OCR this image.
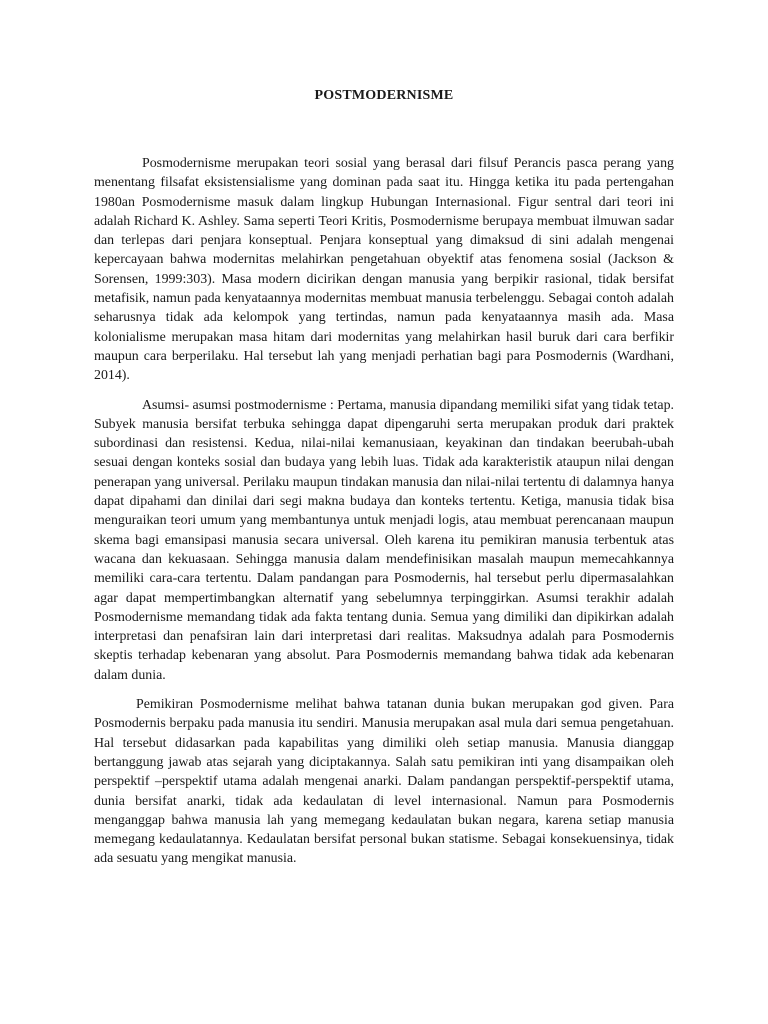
POSTMODERNISME

Posmodernisme merupakan teori sosial yang berasal dari filsuf Perancis pasca perang yang menentang filsafat eksistensialisme yang dominan pada saat itu. Hingga ketika itu pada pertengahan 1980an Posmodernisme masuk dalam lingkup Hubungan Internasional. Figur sentral dari teori ini adalah Richard K. Ashley. Sama seperti Teori Kritis, Posmodernisme berupaya membuat ilmuwan sadar dan terlepas dari penjara konseptual. Penjara konseptual yang dimaksud di sini adalah mengenai kepercayaan bahwa modernitas melahirkan pengetahuan obyektif atas fenomena sosial (Jackson & Sorensen, 1999:303). Masa modern dicirikan dengan manusia yang berpikir rasional, tidak bersifat metafisik, namun pada kenyataannya modernitas membuat manusia terbelenggu. Sebagai contoh adalah seharusnya tidak ada kelompok yang tertindas, namun pada kenyataannya masih ada. Masa kolonialisme merupakan masa hitam dari modernitas yang melahirkan hasil buruk dari cara berfikir maupun cara berperilaku. Hal tersebut lah yang menjadi perhatian bagi para Posmodernis (Wardhani, 2014).

Asumsi- asumsi postmodernisme : Pertama, manusia dipandang memiliki sifat yang tidak tetap. Subyek manusia bersifat terbuka sehingga dapat dipengaruhi serta merupakan produk dari praktek subordinasi dan resistensi. Kedua, nilai-nilai kemanusiaan, keyakinan dan tindakan beerubah-ubah sesuai dengan konteks sosial dan budaya yang lebih luas. Tidak ada karakteristik ataupun nilai dengan penerapan yang universal. Perilaku maupun tindakan manusia dan nilai-nilai tertentu di dalamnya hanya dapat dipahami dan dinilai dari segi makna budaya dan konteks tertentu. Ketiga, manusia tidak bisa menguraikan teori umum yang membantunya untuk menjadi logis, atau membuat perencanaan maupun skema bagi emansipasi manusia secara universal. Oleh karena itu pemikiran manusia terbentuk atas wacana dan kekuasaan. Sehingga manusia dalam mendefinisikan masalah maupun memecahkannya memiliki cara-cara tertentu. Dalam pandangan para Posmodernis, hal tersebut perlu dipermasalahkan agar dapat mempertimbangkan alternatif yang sebelumnya terpinggirkan. Asumsi terakhir adalah Posmodernisme memandang tidak ada fakta tentang dunia. Semua yang dimiliki dan dipikirkan adalah interpretasi dan penafsiran lain dari interpretasi dari realitas. Maksudnya adalah para Posmodernis skeptis terhadap kebenaran yang absolut. Para Posmodernis memandang bahwa tidak ada kebenaran dalam dunia.

Pemikiran Posmodernisme melihat bahwa tatanan dunia bukan merupakan god given. Para Posmodernis berpaku pada manusia itu sendiri. Manusia merupakan asal mula dari semua pengetahuan. Hal tersebut didasarkan pada kapabilitas yang dimiliki oleh setiap manusia. Manusia dianggap bertanggung jawab atas sejarah yang diciptakannya. Salah satu pemikiran inti yang disampaikan oleh perspektif –perspektif utama adalah mengenai anarki. Dalam pandangan perspektif-perspektif utama, dunia bersifat anarki, tidak ada kedaulatan di level internasional. Namun para Posmodernis menganggap bahwa manusia lah yang memegang kedaulatan bukan negara, karena setiap manusia memegang kedaulatannya. Kedaulatan bersifat personal bukan statisme. Sebagai konsekuensinya, tidak ada sesuatu yang mengikat manusia.
